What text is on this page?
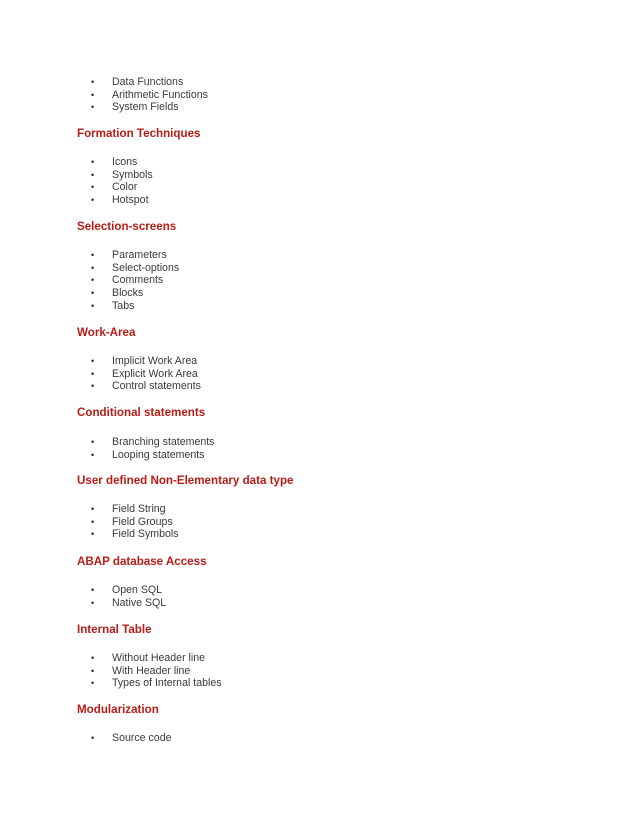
• Data Functions
• Arithmetic Functions
• System Fields
Formation Techniques
• Icons
• Symbols
• Color
• Hotspot
Selection-screens
• Parameters
• Select-options
• Comments
• Blocks
• Tabs
Work-Area
• Implicit Work Area
• Explicit Work Area
• Control statements
Conditional statements
• Branching statements
• Looping statements
User defined Non-Elementary data type
• Field String
• Field Groups
• Field Symbols
ABAP database Access
• Open SQL
• Native SQL
Internal Table
• Without Header line
• With Header line
• Types of Internal tables
Modularization
• Source code
